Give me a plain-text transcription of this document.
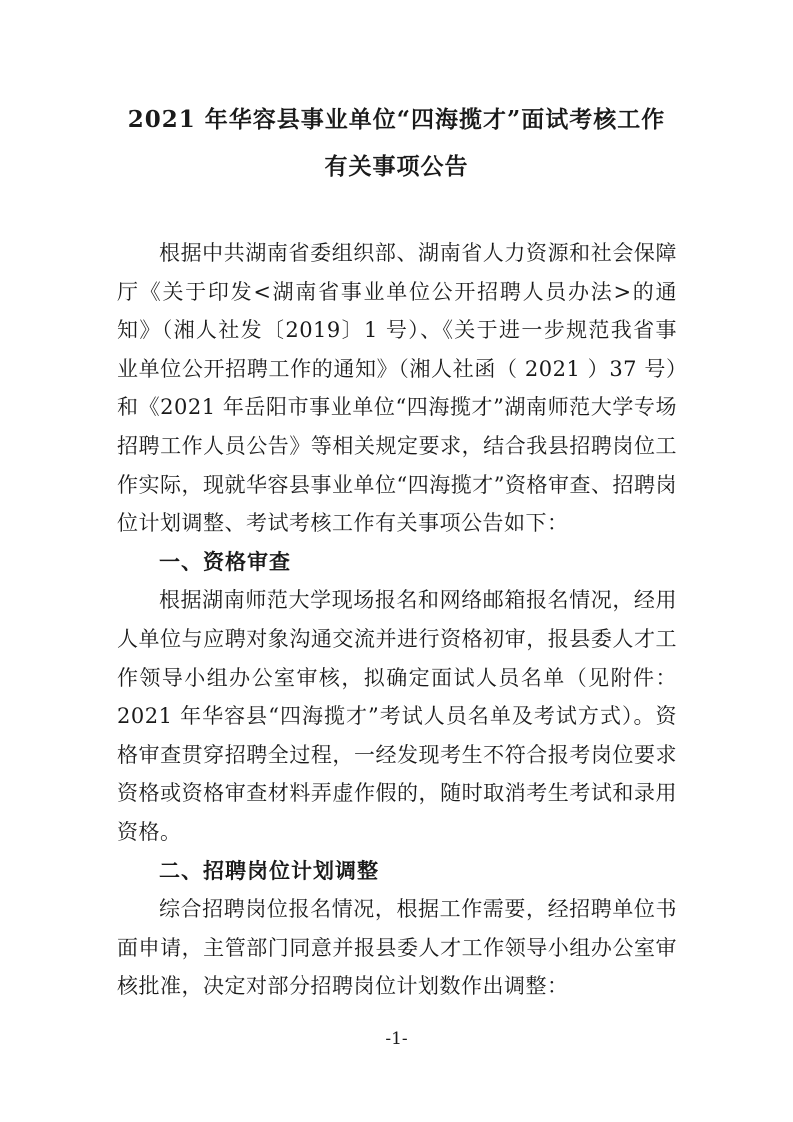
2021 年华容县事业单位“四海揽才”面试考核工作
有关事项公告

根据中共湖南省委组织部、湖南省人力资源和社会保障厅《关于印发<湖南省事业单位公开招聘人员办法>的通知》（湘人社发〔2019〕1 号）、《关于进一步规范我省事业单位公开招聘工作的通知》（湘人社函（ 2021 ）37 号）和《2021 年岳阳市事业单位“四海揽才”湖南师范大学专场招聘工作人员公告》等相关规定要求，结合我县招聘岗位工作实际，现就华容县事业单位“四海揽才”资格审查、招聘岗位计划调整、考试考核工作有关事项公告如下：

一、资格审查

根据湖南师范大学现场报名和网络邮箱报名情况，经用人单位与应聘对象沟通交流并进行资格初审，报县委人才工作领导小组办公室审核，拟确定面试人员名单（见附件：2021 年华容县“四海揽才”考试人员名单及考试方式）。资格审查贯穿招聘全过程，一经发现考生不符合报考岗位要求资格或资格审查材料弄虚作假的，随时取消考生考试和录用资格。

二、招聘岗位计划调整

综合招聘岗位报名情况，根据工作需要，经招聘单位书面申请，主管部门同意并报县委人才工作领导小组办公室审核批准，决定对部分招聘岗位计划数作出调整：

-1-
